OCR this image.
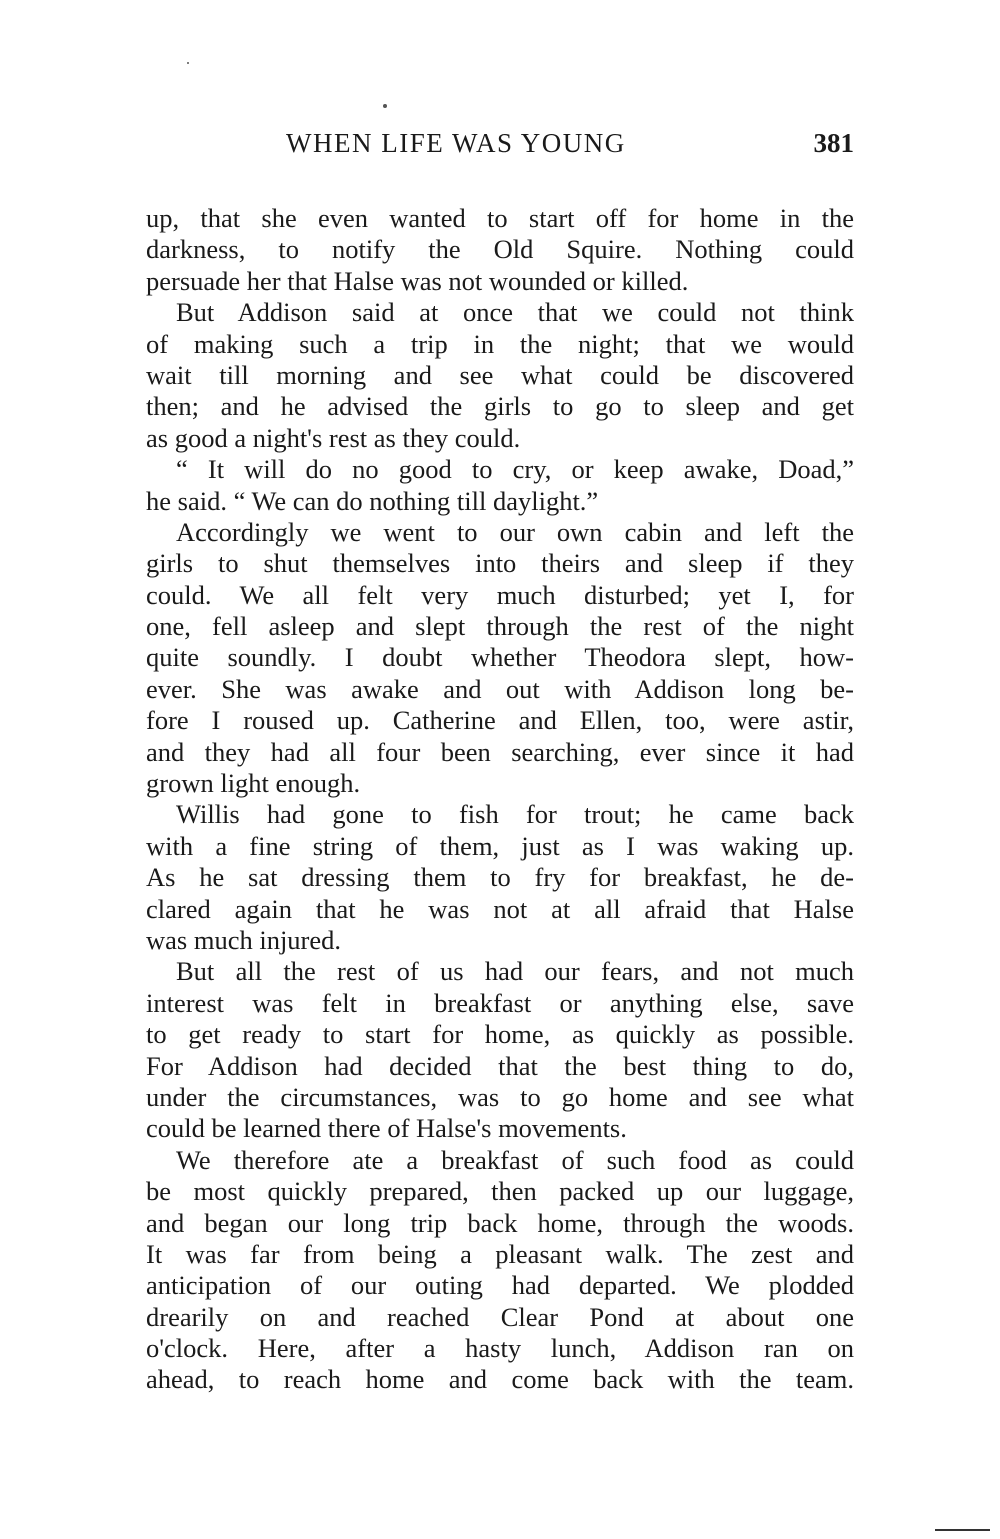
WHEN LIFE WAS YOUNG	381
up, that she even wanted to start off for home in the
darkness, to notify the Old Squire. Nothing could
persuade her that Halse was not wounded or killed.
But Addison said at once that we could not think
of making such a trip in the night; that we would
wait till morning and see what could be discovered
then; and he advised the girls to go to sleep and get
as good a night's rest as they could.
“ It will do no good to cry, or keep awake, Doad,”
he said. “ We can do nothing till daylight.”
Accordingly we went to our own cabin and left the
girls to shut themselves into theirs and sleep if they
could. We all felt very much disturbed; yet I, for
one, fell asleep and slept through the rest of the night
quite soundly. I doubt whether Theodora slept, how-
ever. She was awake and out with Addison long be-
fore I roused up. Catherine and Ellen, too, were astir,
and they had all four been searching, ever since it had
grown light enough.
Willis had gone to fish for trout; he came back
with a fine string of them, just as I was waking up.
As he sat dressing them to fry for breakfast, he de-
clared again that he was not at all afraid that Halse
was much injured.
But all the rest of us had our fears, and not much
interest was felt in breakfast or anything else, save
to get ready to start for home, as quickly as possible.
For Addison had decided that the best thing to do,
under the circumstances, was to go home and see what
could be learned there of Halse's movements.
We therefore ate a breakfast of such food as could
be most quickly prepared, then packed up our luggage,
and began our long trip back home, through the woods.
It was far from being a pleasant walk. The zest and
anticipation of our outing had departed. We plodded
drearily on and reached Clear Pond at about one
o'clock. Here, after a hasty lunch, Addison ran on
ahead, to reach home and come back with the team.
